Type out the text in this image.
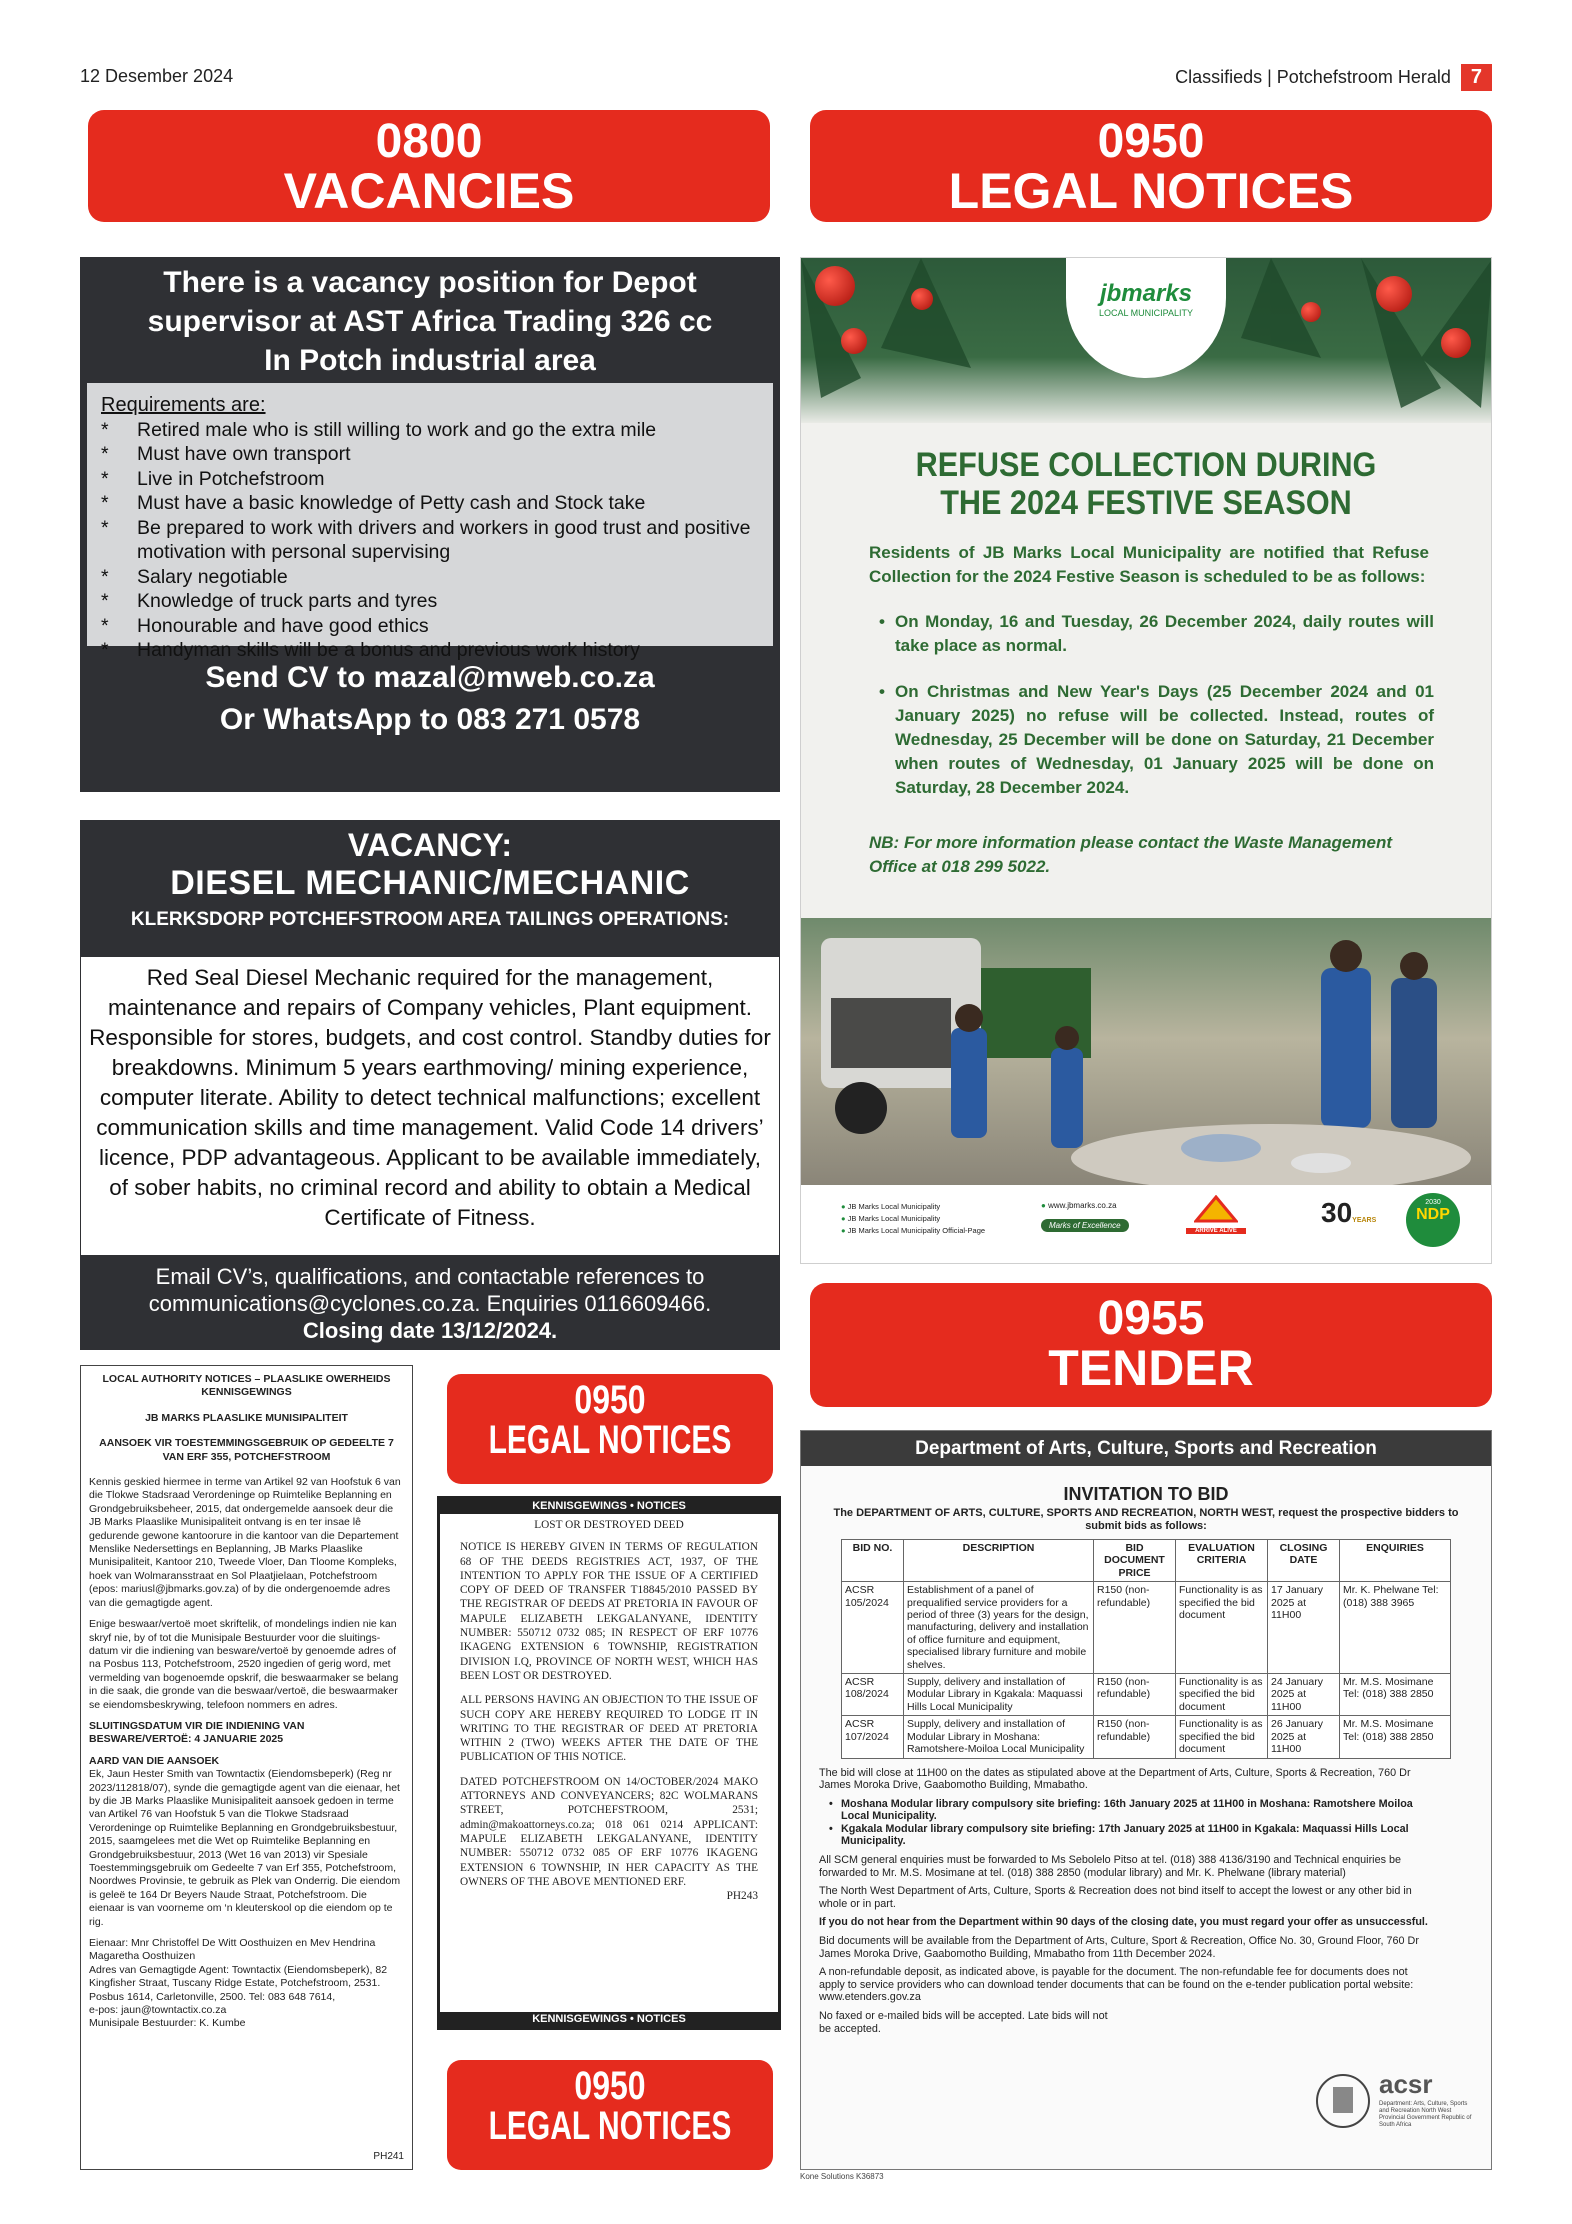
12 Desember 2024	Classifieds | Potchefstroom Herald	7
0800
VACANCIES
0950
LEGAL NOTICES
0950
LEGAL NOTICES
0950
LEGAL NOTICES
0955
TENDER
There is a vacancy position for Depot
supervisor at AST Africa Trading 326 cc
In Potch industrial area
Requirements are:
*	Retired male who is still willing to work and go the extra mile
*	Must have own transport
*	Live in Potchefstroom
*	Must have a basic knowledge of Petty cash and Stock take
*	Be prepared to work with drivers and workers in good trust and positive motivation with personal supervising
*	Salary negotiable
*	Knowledge of truck parts and tyres
*	Honourable and have good ethics
*	Handyman skills will be a bonus and previous work history
Send CV to mazal@mweb.co.za
Or WhatsApp to 083 271 0578
VACANCY:
DIESEL MECHANIC/MECHANIC
KLERKSDORP POTCHEFSTROOM AREA TAILINGS OPERATIONS:
Red Seal Diesel Mechanic required for the management, maintenance and repairs of Company vehicles, Plant equipment. Responsible for stores, budgets, and cost control. Standby duties for breakdowns. Minimum 5 years earthmoving/ mining experience, computer literate. Ability to detect technical malfunctions; excellent communication skills and time management. Valid Code 14 drivers’ licence, PDP advantageous. Applicant to be available immediately, of sober habits, no criminal record and ability to obtain a Medical Certificate of Fitness.
Email CV’s, qualifications, and contactable references to
communications@cyclones.co.za. Enquiries 0116609466.
Closing date 13/12/2024.

LOCAL AUTHORITY NOTICES – PLAASLIKE OWERHEIDS KENNISGEWINGS

JB MARKS PLAASLIKE MUNISIPALITEIT

AANSOEK VIR TOESTEMMINGSGEBRUIK OP GEDEELTE 7 VAN ERF 355, POTCHEFSTROOM

Kennis geskied hiermee in terme van Artikel 92 van Hoofstuk 6 van die Tlokwe Stadsraad Verordeninge op Ruimtelike Beplanning en Grondgebruiksbeheer, 2015, dat ondergemelde aansoek deur die JB Marks Plaaslike Munisipaliteit ontvang is en ter insae lê gedurende gewone kantoorure in die kantoor van die Departement Menslike Nedersettings en Beplanning, JB Marks Plaaslike Munisipaliteit, Kantoor 210, Tweede Vloer, Dan Tloome Kompleks, hoek van Wolmaransstraat en Sol Plaatjielaan, Potchefstroom (epos: mariusl@jbmarks.gov.za) of by die ondergenoemde adres van die gemagtigde agent.

Enige beswaar/vertoë moet skriftelik, of mondelings indien nie kan skryf nie, by of tot die Munisipale Bestuurder voor die sluitings-datum vir die indiening van besware/vertoë by genoemde adres of na Posbus 113, Potchefstroom, 2520 ingedien of gerig word, met vermelding van bogenoemde opskrif, die beswaarmaker se belang in die saak, die gronde van die beswaar/vertoë, die beswaarmaker se eiendomsbeskrywing, telefoon nommers en adres.

SLUITINGSDATUM VIR DIE INDIENING VAN BESWARE/VERTOË: 4 JANUARIE 2025

AARD VAN DIE AANSOEK

Ek, Jaun Hester Smith van Towntactix (Eiendomsbeperk) (Reg nr 2023/112818/07), synde die gemagtigde agent van die eienaar, het by die JB Marks Plaaslike Munisipaliteit aansoek gedoen in terme van Artikel 76 van Hoofstuk 5 van die Tlokwe Stadsraad Verordeninge op Ruimtelike Beplanning en Grondgebruiksbestuur, 2015, saamgelees met die Wet op Ruimtelike Beplanning en Grondgebruiksbestuur, 2013 (Wet 16 van 2013) vir Spesiale Toestemmingsgebruik om Gedeelte 7 van Erf 355, Potchefstroom, Noordwes Provinsie, te gebruik as Plek van Onderrig. Die eiendom is geleë te 164 Dr Beyers Naude Straat, Potchefstroom. Die eienaar is van voorneme om ‘n kleuterskool op die eiendom op te rig.

Eienaar: Mnr Christoffel De Witt Oosthuizen en Mev Hendrina Magaretha Oosthuizen
Adres van Gemagtigde Agent: Towntactix (Eiendomsbeperk), 82 Kingfisher Straat, Tuscany Ridge Estate, Potchefstroom, 2531. Posbus 1614, Carletonville, 2500. Tel: 083 648 7614,
e-pos: jaun@towntactix.co.za
Munisipale Bestuurder: K. Kumbe

PH241
KENNISGEWINGS • NOTICES
LOST OR DESTROYED DEED

NOTICE IS HEREBY GIVEN IN TERMS OF REGULATION 68 OF THE DEEDS REGISTRIES ACT, 1937, OF THE INTENTION TO APPLY FOR THE ISSUE OF A CERTIFIED COPY OF DEED OF TRANSFER T18845/2010 PASSED BY THE REGISTRAR OF DEEDS AT PRETORIA IN FAVOUR OF MAPULE ELIZABETH LEKGALANYANE, IDENTITY NUMBER: 550712 0732 085; IN RESPECT OF ERF 10776 IKAGENG EXTENSION 6 TOWNSHIP, REGISTRATION DIVISION I.Q, PROVINCE OF NORTH WEST, WHICH HAS BEEN LOST OR DESTROYED.

ALL PERSONS HAVING AN OBJECTION TO THE ISSUE OF SUCH COPY ARE HEREBY REQUIRED TO LODGE IT IN WRITING TO THE REGISTRAR OF DEED AT PRETORIA WITHIN 2 (TWO) WEEKS AFTER THE DATE OF THE PUBLICATION OF THIS NOTICE.

DATED POTCHEFSTROOM ON 14/OCTOBER/2024 MAKO ATTORNEYS AND CONVEYANCERS; 82C WOLMARANS STREET, POTCHEFSTROOM, 2531; admin@makoattorneys.co.za; 018 061 0214 APPLICANT: MAPULE ELIZABETH LEKGALANYANE, IDENTITY NUMBER: 550712 0732 085 OF ERF 10776 IKAGENG EXTENSION 6 TOWNSHIP, IN HER CAPACITY AS THE OWNERS OF THE ABOVE MENTIONED ERF.

PH243
KENNISGEWINGS • NOTICES
jbmarks
LOCAL MUNICIPALITY
REFUSE COLLECTION DURING
THE 2024 FESTIVE SEASON
Residents of JB Marks Local Municipality are notified that Refuse Collection for the 2024 Festive Season is scheduled to be as follows:
• On Monday, 16 and Tuesday, 26 December 2024, daily routes will take place as normal.
• On Christmas and New Year's Days (25 December 2024 and 01 January 2025) no refuse will be collected. Instead, routes of Wednesday, 25 December will be done on Saturday, 21 December when routes of Wednesday, 01 January 2025 will be done on Saturday, 28 December 2024.
NB: For more information please contact the Waste Management Office at 018 299 5022.
● JB Marks Local Municipality
● JB Marks Local Municipality
● JB Marks Local Municipality Official-Page
● www.jbmarks.co.za
Marks of Excellence
ARRIVE ALIVE
30YEARS
2030
NDP
Department of Arts, Culture, Sports and Recreation
INVITATION TO BID
The DEPARTMENT OF ARTS, CULTURE, SPORTS AND RECREATION, NORTH WEST, request the prospective bidders to submit bids as follows:
BID NO.	DESCRIPTION	BID DOCUMENT PRICE	EVALUATION CRITERIA	CLOSING DATE	ENQUIRIES
ACSR 105/2024	Establishment of a panel of prequalified service providers for a period of three (3) years for the design, manufacturing, delivery and installation of office furniture and equipment, specialised library furniture and mobile shelves.	R150 (non-refundable)	Functionality is as specified the bid document	17 January 2025 at 11H00	Mr. K. Phelwane Tel: (018) 388 3965
ACSR 108/2024	Supply, delivery and installation of Modular Library in Kgakala: Maquassi Hills Local Municipality	R150 (non-refundable)	Functionality is as specified the bid document	24 January 2025 at 11H00	Mr. M.S. Mosimane Tel: (018) 388 2850
ACSR 107/2024	Supply, delivery and installation of Modular Library in Moshana: Ramotshere-Moiloa Local Municipality	R150 (non-refundable)	Functionality is as specified the bid document	26 January 2025 at 11H00	Mr. M.S. Mosimane Tel: (018) 388 2850

The bid will close at 11H00 on the dates as stipulated above at the Department of Arts, Culture, Sports & Recreation, 760 Dr James Moroka Drive, Gaabomotho Building, Mmabatho.

• Moshana Modular library compulsory site briefing: 16th January 2025 at 11H00 in Moshana: Ramotshere Moiloa Local Municipality.
• Kgakala Modular library compulsory site briefing: 17th January 2025 at 11H00 in Kgakala: Maquassi Hills Local Municipality.

All SCM general enquiries must be forwarded to Ms Sebolelo Pitso at tel. (018) 388 4136/3190 and Technical enquiries be forwarded to Mr. M.S. Mosimane at tel. (018) 388 2850 (modular library) and Mr. K. Phelwane (library material)

The North West Department of Arts, Culture, Sports & Recreation does not bind itself to accept the lowest or any other bid in whole or in part.

If you do not hear from the Department within 90 days of the closing date, you must regard your offer as unsuccessful.

Bid documents will be available from the Department of Arts, Culture, Sport & Recreation, Office No. 30, Ground Floor, 760 Dr James Moroka Drive, Gaabomotho Building, Mmabatho from 11th December 2024.

A non-refundable deposit, as indicated above, is payable for the document. The non-refundable fee for documents does not apply to service providers who can download tender documents that can be found on the e-tender publication portal website: www.etenders.gov.za

No faxed or e-mailed bids will be accepted. Late bids will not be accepted.

acsr
Department: Arts, Culture, Sports and Recreation North West Provincial Government Republic of South Africa
Kone Solutions K36873
